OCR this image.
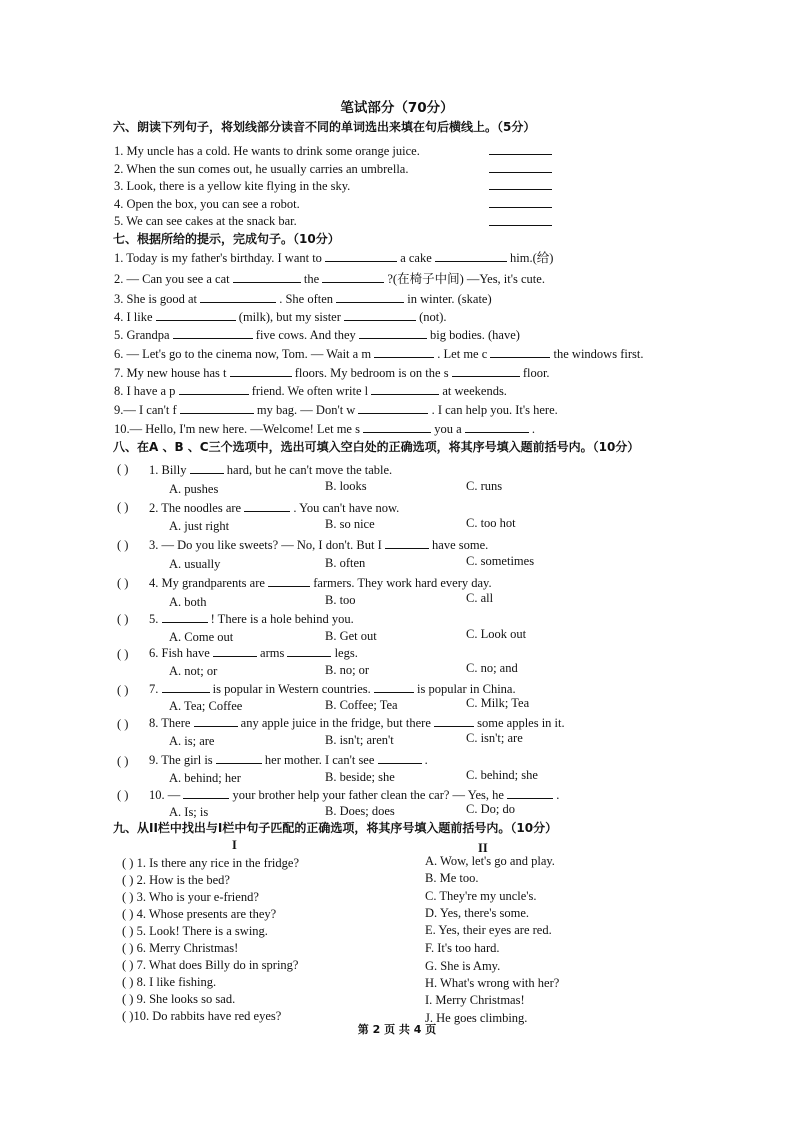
笔试部分（70分）
六、朗读下列句子，将划线部分读音不同的单词选出来填在句后横线上。（5分）
1. My uncle has a cold. He wants to drink some orange juice.
2. When the sun comes out, he usually carries an umbrella.
3. Look, there is a yellow kite flying in the sky.
4. Open the box, you can see a robot.
5. We can see cakes at the snack bar.
七、根据所给的提示，完成句子。（10分）
1. Today is my father's birthday. I want to	a cake	him.(给)
2. — Can you see a cat	the	?(在椅子中间) —Yes, it's cute.
3. She is good at	. She often	in winter. (skate)
4. I like	(milk), but my sister	(not).
5. Grandpa	five cows. And they	big bodies. (have)
6. — Let's go to the cinema now, Tom. — Wait a m	. Let me c	the windows first.
7. My new house has t	floors. My bedroom is on the s	floor.
8. I have a p	friend. We often write l	at weekends.
9.— I can't f	my bag. — Don't w	. I can help you. It's here.
10.— Hello, I'm new here. —Welcome! Let me s	you a	.
八、在A 、B 、C三个选项中，选出可填入空白处的正确选项，将其序号填入题前括号内。（10分）
( ) 1. Billy	hard, but he can't move the table.
A. pushes	B. looks	C. runs
( ) 2. The noodles are	. You can't have now.
A. just right	B. so nice	C. too hot
( ) 3. — Do you like sweets? — No, I don't. But I	have some.
A. usually	B. often	C. sometimes
( ) 4. My grandparents are	farmers. They work hard every day.
A. both	B. too	C. all
( ) 5.	! There is a hole behind you.
A. Come out	B. Get out	C. Look out
( ) 6. Fish have	arms	legs.
A. not; or	B. no; or	C. no; and
( ) 7.	is popular in Western countries.	is popular in China.
A. Tea; Coffee	B. Coffee; Tea	C. Milk; Tea
( ) 8. There	any apple juice in the fridge, but there	some apples in it.
A. is; are	B. isn't; aren't	C. isn't; are
( ) 9. The girl is	her mother. I can't see	.
A. behind; her	B. beside; she	C. behind; she
( ) 10. —	your brother help your father clean the car? — Yes, he	.
A. Is; is	B. Does; does	C. Do; do
九、从II栏中找出与I栏中句子匹配的正确选项，将其序号填入题前括号内。（10分）
I	II
( ) 1. Is there any rice in the fridge?
( ) 2. How is the bed?
( ) 3. Who is your e-friend?
( ) 4. Whose presents are they?
( ) 5. Look! There is a swing.
( ) 6. Merry Christmas!
( ) 7. What does Billy do in spring?
( ) 8. I like fishing.
( ) 9. She looks so sad.
( )10. Do rabbits have red eyes?
A. Wow, let's go and play.
B. Me too.
C. They're my uncle's.
D. Yes, there's some.
E. Yes, their eyes are red.
F. It's too hard.
G. She is Amy.
H. What's wrong with her?
I. Merry Christmas!
J. He goes climbing.
第 2 页 共 4 页
